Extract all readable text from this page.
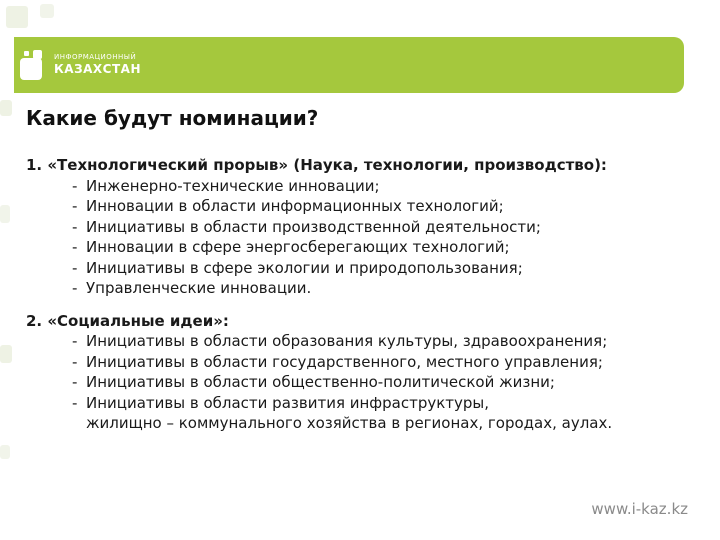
ИНФОРМАЦИОННЫЙ
КАЗАХСТАН
Какие будут номинации?

1. «Технологический прорыв» (Наука, технологии, производство):

- Инженерно-технические инновации;
- Инновации в области информационных технологий;
- Инициативы в области производственной деятельности;
- Инновации в сфере энергосберегающих технологий;
- Инициативы в сфере экологии и природопользования;
- Управленческие инновации.

2. «Социальные идеи»:

- Инициативы в области образования культуры, здравоохранения;
- Инициативы в области государственного, местного управления;
- Инициативы в области общественно-политической жизни;
- Инициативы в области развития инфраструктуры,
жилищно – коммунального хозяйства в регионах, городах, аулах.
www.i-kaz.kz
